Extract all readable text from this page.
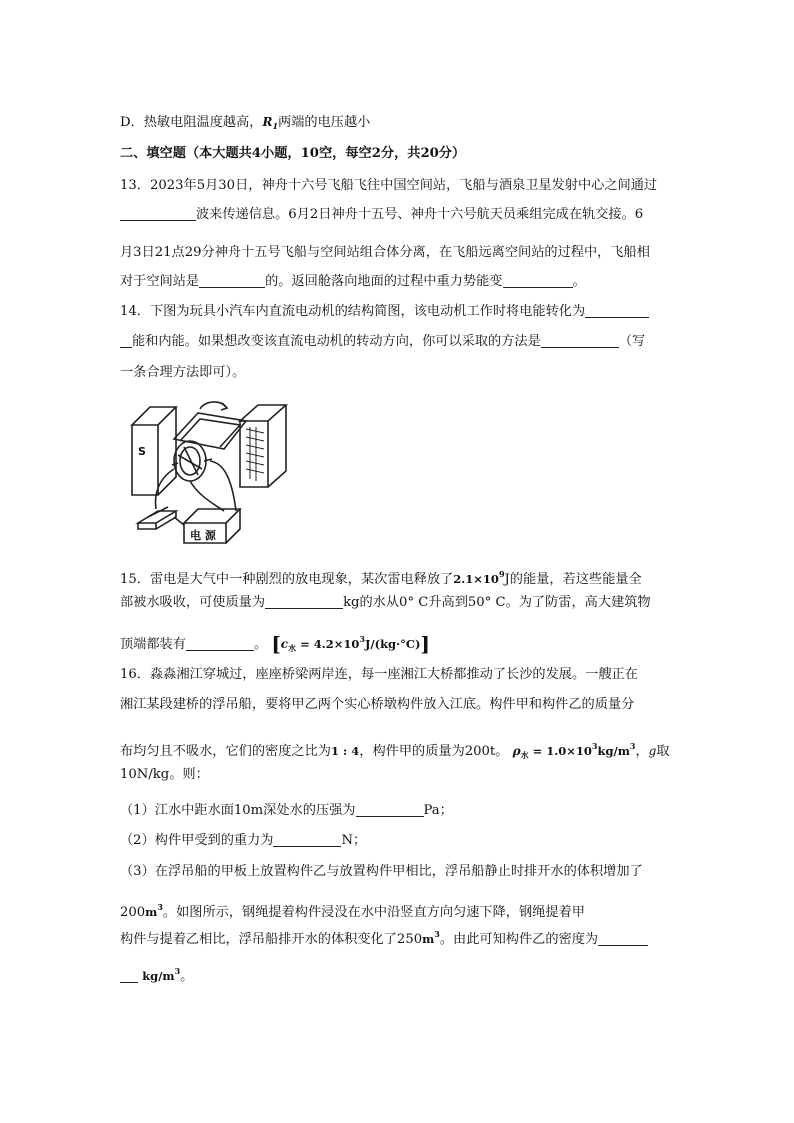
D．热敏电阻温度越高，$R_1$两端的电压越小
二、填空题（本大题共4小题，10空，每空2分，共20分）
13．2023年5月30日，神舟十六号飞船飞往中国空间站，飞船与酒泉卫星发射中心之间通过
波来传递信息。6月2日神舟十五号、神舟十六号航天员乘组完成在轨交接。6
月3日21点29分神舟十五号飞船与空间站组合体分离，在飞船远离空间站的过程中，飞船相
对于空间站是	的。返回舱落向地面的过程中重力势能变	。
14．下图为玩具小汽车内直流电动机的结构简图，该电动机工作时将电能转化为
能和内能。如果想改变该直流电动机的转动方向，你可以采取的方法是	（写
一条合理方法即可）。
S
电 源
15．雷电是大气中一种剧烈的放电现象，某次雷电释放了$2.1\times 10^9J$的能量，若这些能量全
部被水吸收，可使质量为	kg的水从0° C升高到50° C。为了防雷，高大建筑物
顶端都装有	。 $[c_水 = 4.2\times 10^3J/(kg\cdot^\circ C)]$
16．淼淼湘江穿城过，座座桥梁两岸连，每一座湘江大桥都推动了长沙的发展。一艘正在
湘江某段建桥的浮吊船，要将甲乙两个实心桥墩构件放入江底。构件甲和构件乙的质量分
布均匀且不吸水，它们的密度之比为1 : 4，构件甲的质量为200t。 $\rho_水 = 1.0\times 10^3kg/m^3$，g取
10N/kg。则：
（1）江水中距水面10m深处水的压强为	Pa；
（2）构件甲受到的重力为	N；
（3）在浮吊船的甲板上放置构件乙与放置构件甲相比，浮吊船静止时排开水的体积增加了
$200m^3$。如图所示，钢绳提着构件浸没在水中沿竖直方向匀速下降，钢绳提着甲
构件与提着乙相比，浮吊船排开水的体积变化了$250m^3$。由此可知构件乙的密度为
$kg/m^3$。
